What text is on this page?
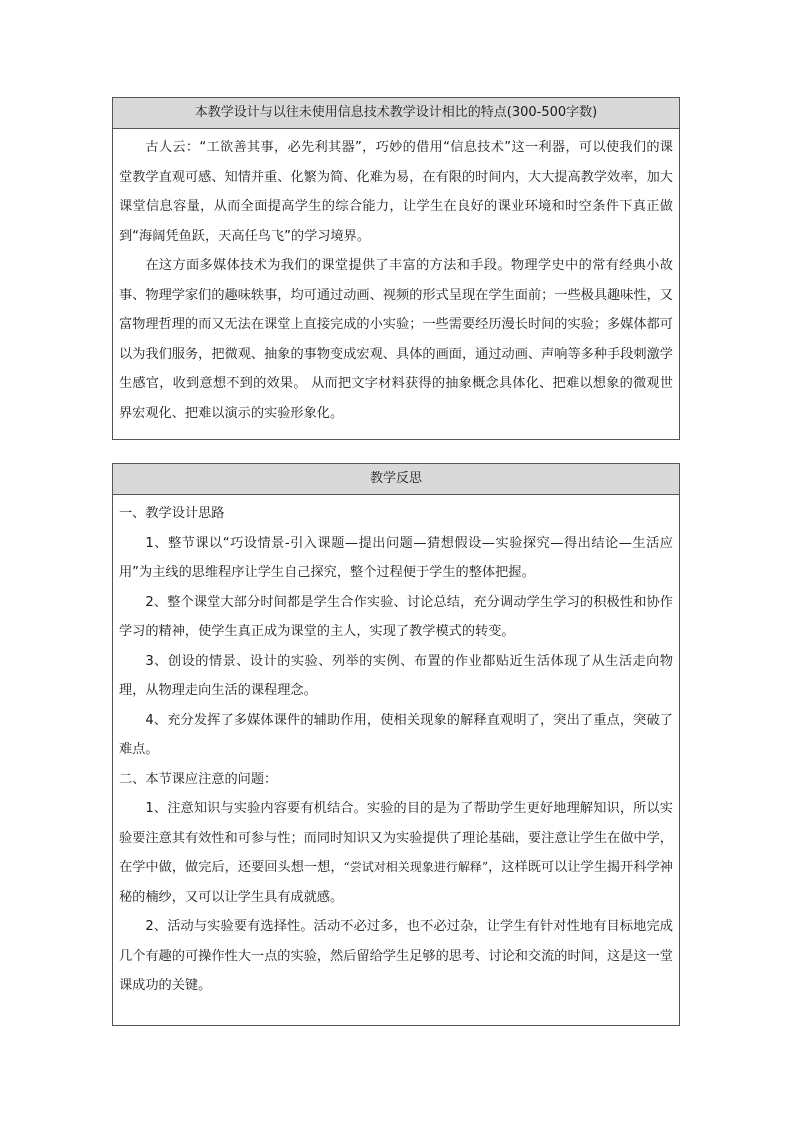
本教学设计与以往未使用信息技术教学设计相比的特点(300-500字数)

古人云：“工欲善其事，必先利其器”，巧妙的借用“信息技术”这一利器，可以使我们的课堂教学直观可感、知情并重、化繁为简、化难为易，在有限的时间内，大大提高教学效率，加大课堂信息容量，从而全面提高学生的综合能力，让学生在良好的课业环境和时空条件下真正做到“海阔凭鱼跃，天高任鸟飞”的学习境界。

在这方面多媒体技术为我们的课堂提供了丰富的方法和手段。物理学史中的常有经典小故事、物理学家们的趣味轶事，均可通过动画、视频的形式呈现在学生面前；一些极具趣味性，又富物理哲理的而又无法在课堂上直接完成的小实验；一些需要经历漫长时间的实验；多媒体都可以为我们服务，把微观、抽象的事物变成宏观、具体的画面，通过动画、声响等多种手段刺激学生感官，收到意想不到的效果。 从而把文字材料获得的抽象概念具体化、把难以想象的微观世界宏观化、把难以演示的实验形象化。

教学反思

一、教学设计思路

1、整节课以“巧设情景-引入课题—提出问题—猜想假设—实验探究—得出结论—生活应用”为主线的思维程序让学生自己探究，整个过程便于学生的整体把握。

2、整个课堂大部分时间都是学生合作实验、讨论总结，充分调动学生学习的积极性和协作学习的精神，使学生真正成为课堂的主人，实现了教学模式的转变。

3、创设的情景、设计的实验、列举的实例、布置的作业都贴近生活体现了从生活走向物理，从物理走向生活的课程理念。

4、充分发挥了多媒体课件的辅助作用，使相关现象的解释直观明了，突出了重点，突破了难点。

二、本节课应注意的问题：

1、注意知识与实验内容要有机结合。实验的目的是为了帮助学生更好地理解知识，所以实验要注意其有效性和可参与性；而同时知识又为实验提供了理论基础，要注意让学生在做中学，在学中做，做完后，还要回头想一想，“尝试对相关现象进行解释”，这样既可以让学生揭开科学神秘的楠纱，又可以让学生具有成就感。

2、活动与实验要有选择性。活动不必过多，也不必过杂，让学生有针对性地有目标地完成几个有趣的可操作性大一点的实验，然后留给学生足够的思考、讨论和交流的时间，这是这一堂课成功的关键。
